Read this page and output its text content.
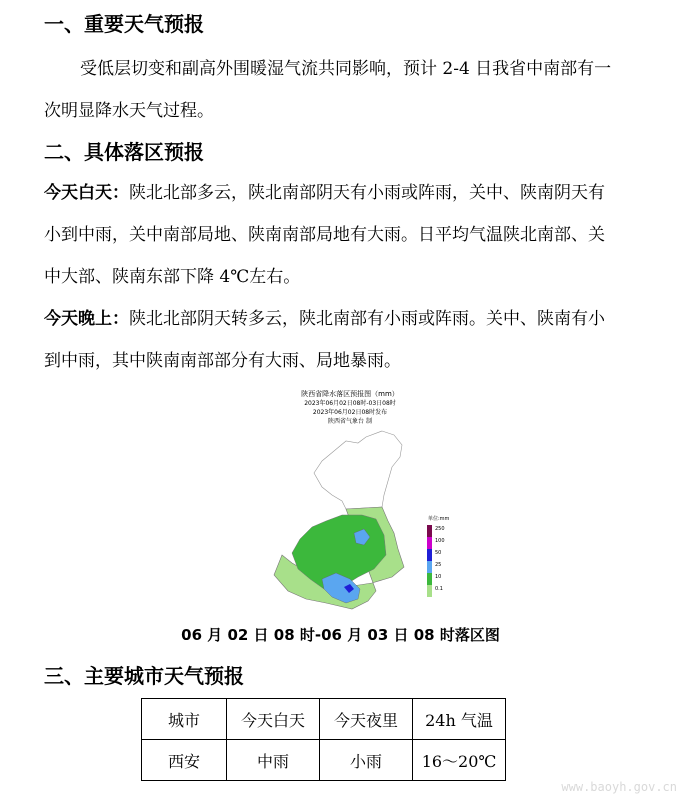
一、重要天气预报

受低层切变和副高外围暖湿气流共同影响，预计 2-4 日我省中南部有一次明显降水天气过程。

二、具体落区预报

今天白天：陕北北部多云，陕北南部阴天有小雨或阵雨，关中、陕南阴天有小到中雨，关中南部局地、陕南南部局地有大雨。日平均气温陕北南部、关中大部、陕南东部下降 4℃左右。

今天晚上：陕北北部阴天转多云，陕北南部有小雨或阵雨。关中、陕南有小到中雨，其中陕南南部部分有大雨、局地暴雨。

陕西省降水落区预报图（mm）
2023年06月02日08时-03日08时
2023年06月02日08时发布
陕西省气象台 制
单位:mm
250
100
50
25
10
0.1
06 月 02 日 08 时-06 月 03 日 08 时落区图
三、主要城市天气预报
城市	今天白天	今天夜里	24h 气温
西安	中雨	小雨	16～20℃
www.baoyh.gov.cn
